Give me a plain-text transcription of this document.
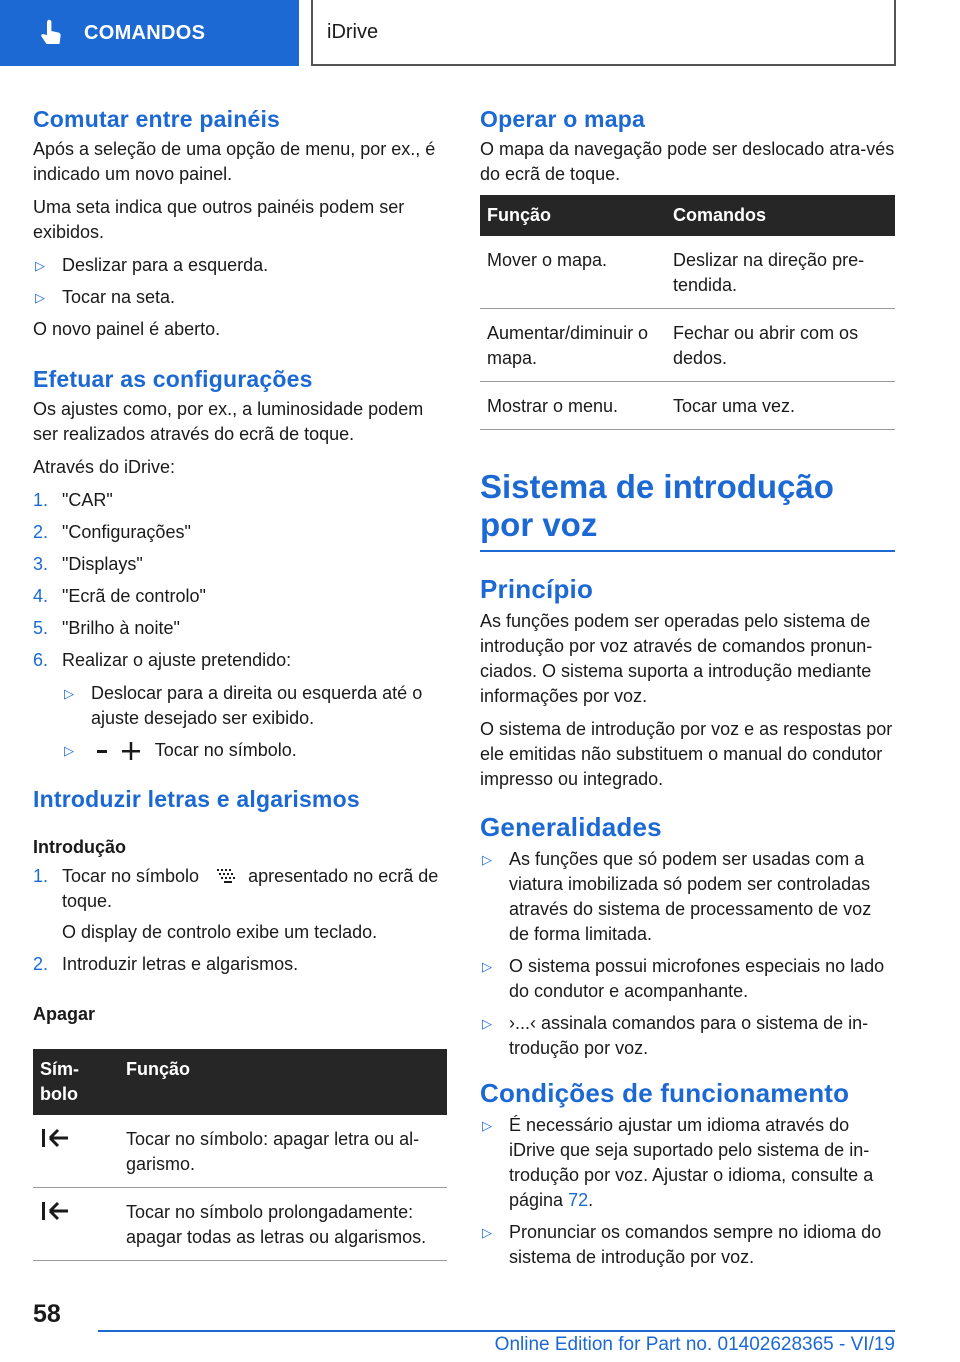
COMANDOS	iDrive
Comutar entre painéis

Após a seleção de uma opção de menu, por ex., é indicado um novo painel.

Uma seta indica que outros painéis podem ser exibidos.

▷ Deslizar para a esquerda.
▷ Tocar na seta.

O novo painel é aberto.

Efetuar as configurações

Os ajustes como, por ex., a luminosidade podem ser realizados através do ecrã de toque.

Através do iDrive:

1. "CAR"
2. "Configurações"
3. "Displays"
4. "Ecrã de controlo"
5. "Brilho à noite"
6. Realizar o ajuste pretendido:
▷ Deslocar para a direita ou esquerda até o ajuste desejado ser exibido.
▷ Tocar no símbolo.
Introduzir letras e algarismos
Introdução
1. Tocar no símbolo	apresentado no ecrã de toque.

O display de controlo exibe um teclado.

2. Introduzir letras e algarismos.
Apagar
Sím-bolo	Função
	Tocar no símbolo: apagar letra ou al-garismo.
	Tocar no símbolo prolongadamente: apagar todas as letras ou algarismos.
Operar o mapa

O mapa da navegação pode ser deslocado atra-vés do ecrã de toque.

Função	Comandos
Mover o mapa.	Deslizar na direção pre-tendida.
Aumentar/diminuir o mapa.	Fechar ou abrir com os dedos.
Mostrar o menu.	Tocar uma vez.
Sistema de introdução por voz
Princípio

As funções podem ser operadas pelo sistema de introdução por voz através de comandos pronun-ciados. O sistema suporta a introdução mediante informações por voz.

O sistema de introdução por voz e as respostas por ele emitidas não substituem o manual do condutor impresso ou integrado.

Generalidades
▷ As funções que só podem ser usadas com a viatura imobilizada só podem ser controladas através do sistema de processamento de voz de forma limitada.
▷ O sistema possui microfones especiais no lado do condutor e acompanhante.
▷ ›...‹ assinala comandos para o sistema de in-trodução por voz.
Condições de funcionamento
▷ É necessário ajustar um idioma através do iDrive que seja suportado pelo sistema de in-trodução por voz. Ajustar o idioma, consulte a página 72.
▷ Pronunciar os comandos sempre no idioma do sistema de introdução por voz.
58
Online Edition for Part no. 01402628365 - VI/19
